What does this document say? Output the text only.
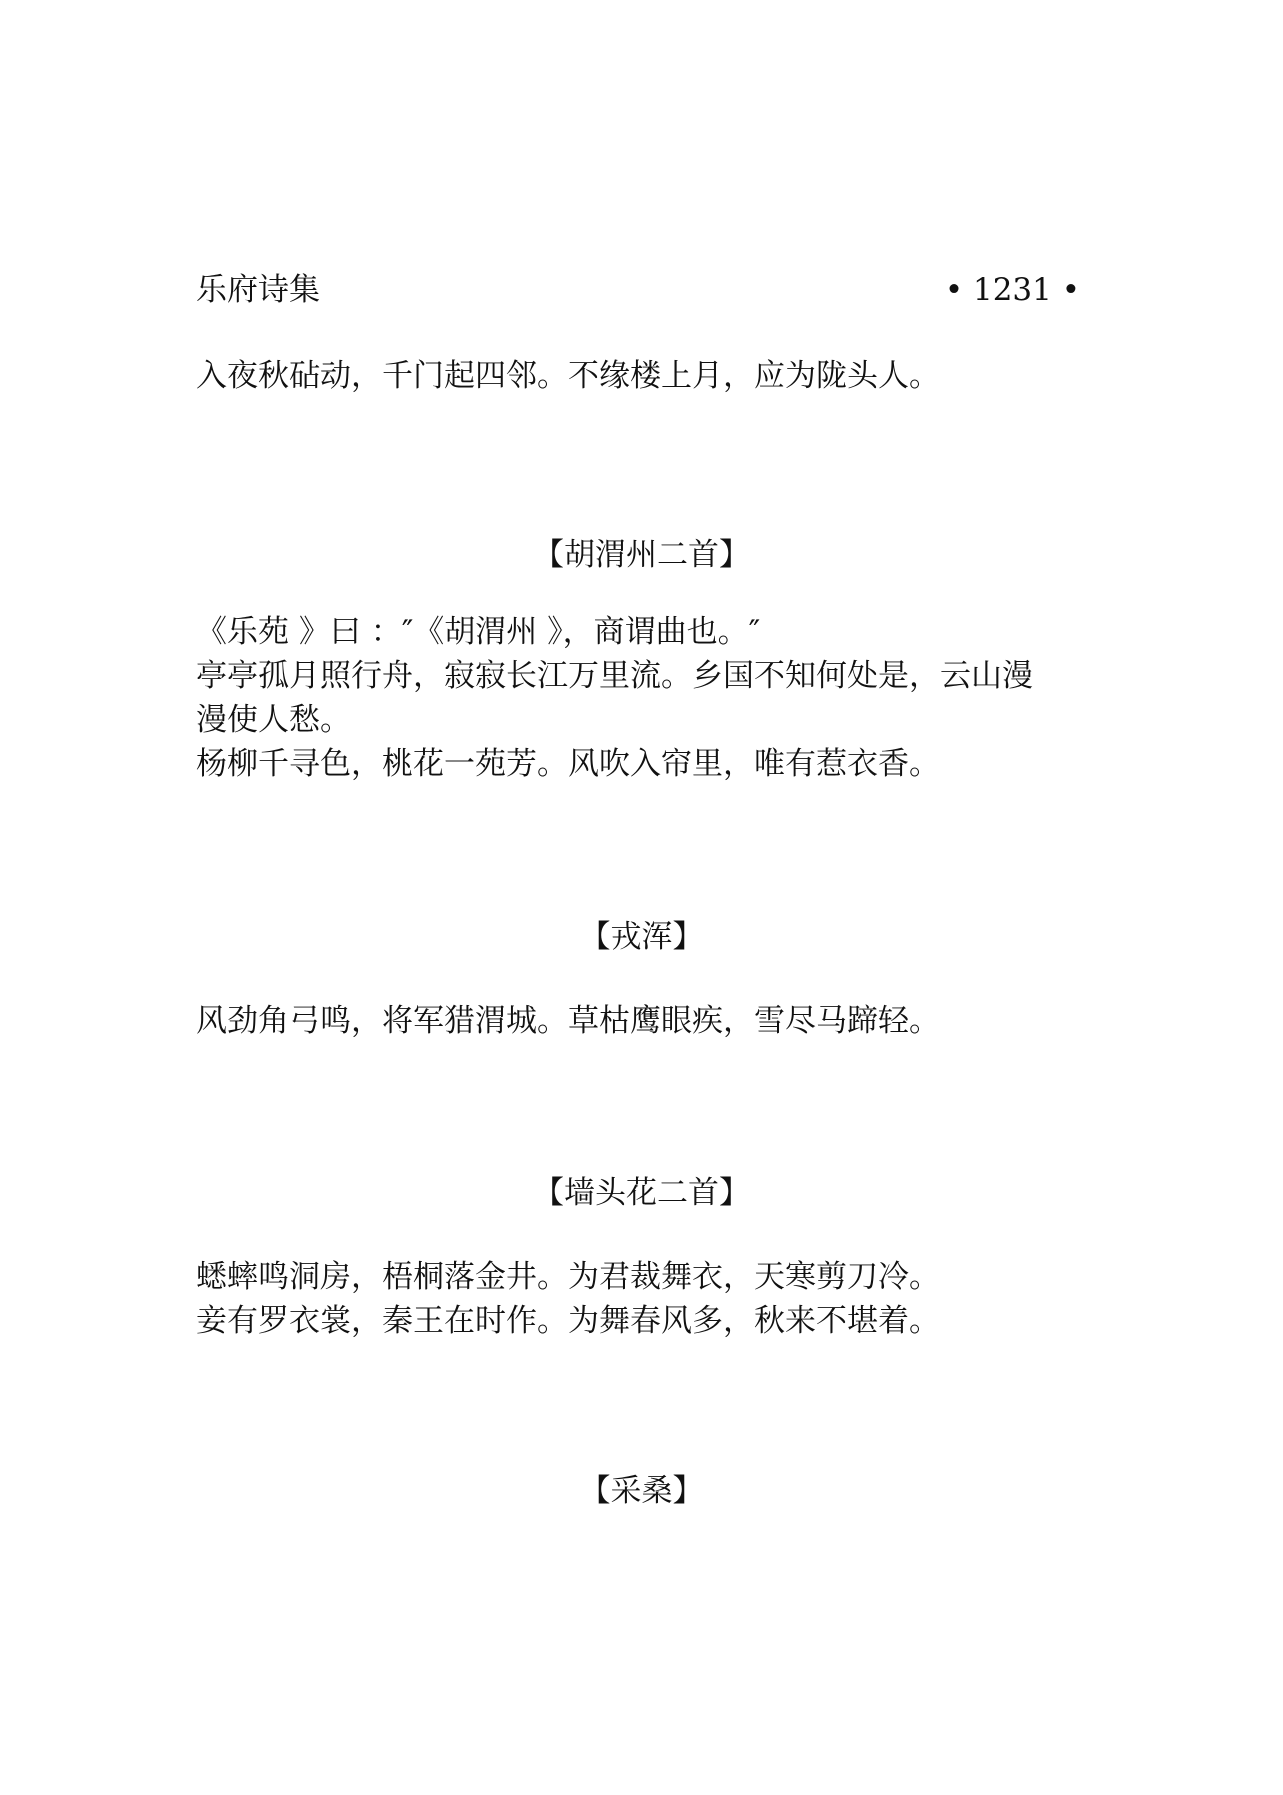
乐府诗集	• 1231 •
入夜秋砧动，千门起四邻。不缘楼上月，应为陇头人。
【胡渭州二首】
《乐苑 》曰 ：″《胡渭州 》，商谓曲也。″
亭亭孤月照行舟，寂寂长江万里流。乡国不知何处是，云山漫
漫使人愁。
杨柳千寻色，桃花一苑芳。风吹入帘里，唯有惹衣香。
【戎浑】
风劲角弓鸣，将军猎渭城。草枯鹰眼疾，雪尽马蹄轻。
【墙头花二首】
蟋蟀鸣洞房，梧桐落金井。为君裁舞衣，天寒剪刀冷。
妾有罗衣裳，秦王在时作。为舞春风多，秋来不堪着。
【采桑】
